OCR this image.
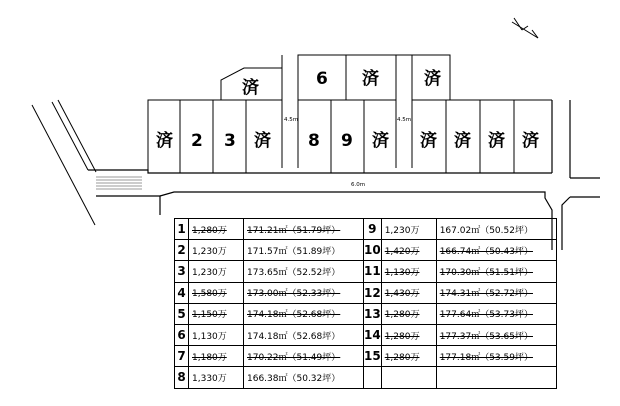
済 2 3 済 8 9 済 済 済 済 済
済	6 済	済
4.5m	4.5m
6.0m
1	1,280万	171.21㎡（51.79坪）	9	1,230万	167.02㎡（50.52坪）
2	1,230万	171.57㎡（51.89坪）	10	1,420万	166.74㎡（50.43坪）
3	1,230万	173.65㎡（52.52坪）	11	1,130万	170.30㎡（51.51坪）
4	1,580万	173.00㎡（52.33坪）	12	1,430万	174.31㎡（52.72坪）
5	1,150万	174.18㎡（52.68坪）	13	1,280万	177.64㎡（53.73坪）
6	1,130万	174.18㎡（52.68坪）	14	1,280万	177.37㎡（53.65坪）
7	1,180万	170.22㎡（51.49坪）	15	1,280万	177.18㎡（53.59坪）
8	1,330万	166.38㎡（50.32坪）			
